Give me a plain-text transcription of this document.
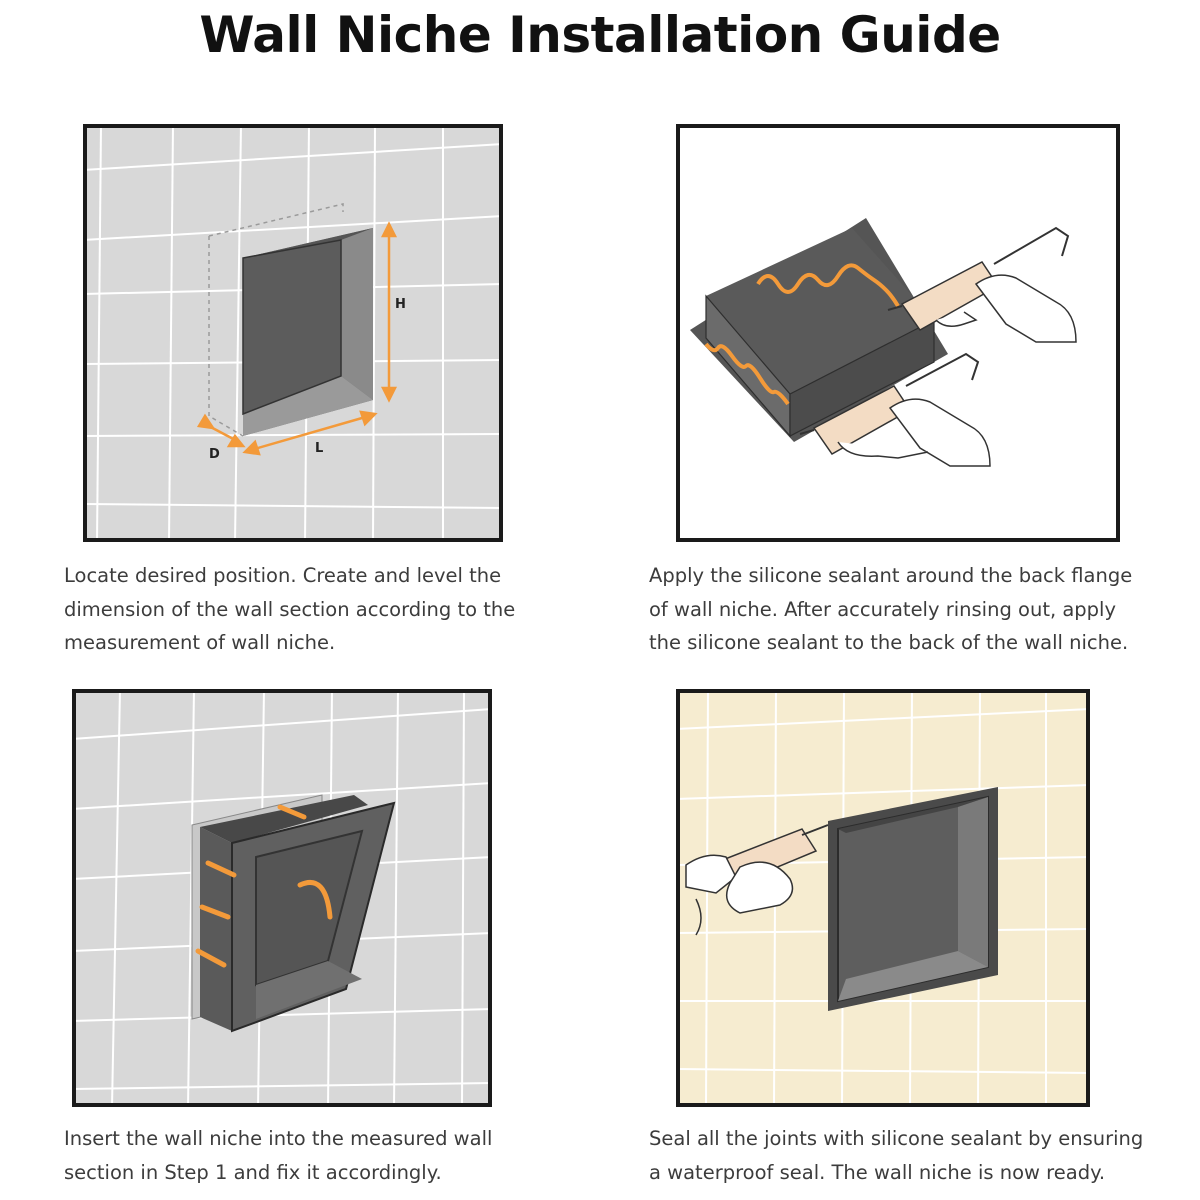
Wall Niche Installation Guide
H
D	L
Locate desired position. Create and level the
dimension of the wall section according to the
measurement of wall niche.
Apply the silicone sealant around the back flange
of wall niche. After accurately rinsing out, apply
the silicone sealant to the back of the wall niche.
Insert the wall niche into the measured wall
section in Step 1 and fix it accordingly.
Seal all the joints with silicone sealant by ensuring
a waterproof seal. The wall niche is now ready.
